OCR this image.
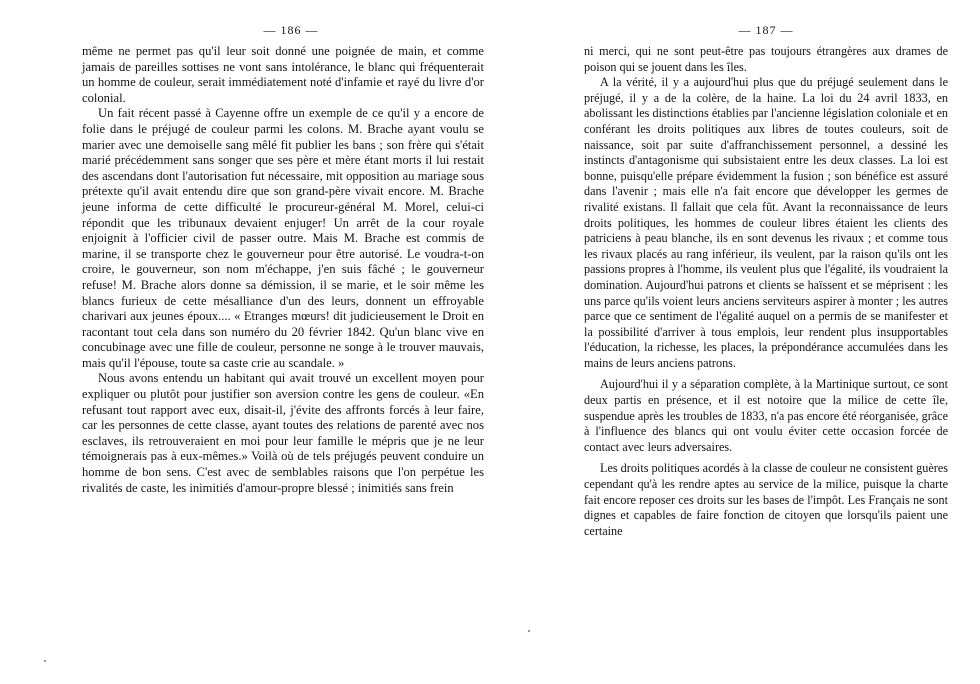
— 186 —

même ne permet pas qu'il leur soit donné une poignée de main, et comme jamais de pareilles sottises ne vont sans intolérance, le blanc qui fréquenterait un homme de couleur, serait immédiatement noté d'infamie et rayé du livre d'or colonial.

Un fait récent passé à Cayenne offre un exemple de ce qu'il y a encore de folie dans le préjugé de couleur parmi les colons. M. Brache ayant voulu se marier avec une demoiselle sang mêlé fit publier les bans ; son frère qui s'était marié précédemment sans songer que ses père et mère étant morts il lui restait des ascendans dont l'autorisation fut nécessaire, mit opposition au mariage sous prétexte qu'il avait entendu dire que son grand-père vivait encore. M. Brache jeune informa de cette difficulté le procureur-général M. Morel, celui-ci répondit que les tribunaux devaient enjuger! Un arrêt de la cour royale enjoignit à l'officier civil de passer outre. Mais M. Brache est commis de marine, il se transporte chez le gouverneur pour être autorisé. Le voudra-t-on croire, le gouverneur, son nom m'échappe, j'en suis fâché ; le gouverneur refuse! M. Brache alors donne sa démission, il se marie, et le soir même les blancs furieux de cette mésalliance d'un des leurs, donnent un effroyable charivari aux jeunes époux.... « Etranges mœurs! dit judicieusement le Droit en racontant tout cela dans son numéro du 20 février 1842. Qu'un blanc vive en concubinage avec une fille de couleur, personne ne songe à le trouver mauvais, mais qu'il l'épouse, toute sa caste crie au scandale. »

Nous avons entendu un habitant qui avait trouvé un excellent moyen pour expliquer ou plutôt pour justifier son aversion contre les gens de couleur. «En refusant tout rapport avec eux, disait-il, j'évite des affronts forcés à leur faire, car les personnes de cette classe, ayant toutes des relations de parenté avec nos esclaves, ils retrouveraient en moi pour leur famille le mépris que je ne leur témoignerais pas à eux-mêmes.» Voilà où de tels préjugés peuvent conduire un homme de bon sens. C'est avec de semblables raisons que l'on perpétue les rivalités de caste, les inimitiés d'amour-propre blessé ; inimitiés sans frein

— 187 —

ni merci, qui ne sont peut-être pas toujours étrangères aux drames de poison qui se jouent dans les îles.

A la vérité, il y a aujourd'hui plus que du préjugé seulement dans le préjugé, il y a de la colère, de la haine. La loi du 24 avril 1833, en abolissant les distinctions établies par l'ancienne législation coloniale et en conférant les droits politiques aux libres de toutes couleurs, soit de naissance, soit par suite d'affranchissement personnel, a dessiné les instincts d'antagonisme qui subsistaient entre les deux classes. La loi est bonne, puisqu'elle prépare évidemment la fusion ; son bénéfice est assuré dans l'avenir ; mais elle n'a fait encore que développer les germes de rivalité existans. Il fallait que cela fût. Avant la reconnaissance de leurs droits politiques, les hommes de couleur libres étaient les clients des patriciens à peau blanche, ils en sont devenus les rivaux ; et comme tous les rivaux placés au rang inférieur, ils veulent, par la raison qu'ils ont les passions propres à l'homme, ils veulent plus que l'égalité, ils voudraient la domination. Aujourd'hui patrons et clients se haïssent et se méprisent : les uns parce qu'ils voient leurs anciens serviteurs aspirer à monter ; les autres parce que ce sentiment de l'égalité auquel on a permis de se manifester et la possibilité d'arriver à tous emplois, leur rendent plus insupportables l'éducation, la richesse, les places, la prépondérance accumulées dans les mains de leurs anciens patrons.

Aujourd'hui il y a séparation complète, à la Martinique surtout, ce sont deux partis en présence, et il est notoire que la milice de cette île, suspendue après les troubles de 1833, n'a pas encore été réorganisée, grâce à l'influence des blancs qui ont voulu éviter cette occasion forcée de contact avec leurs adversaires.

Les droits politiques acordés à la classe de couleur ne consistent guères cependant qu'à les rendre aptes au service de la milice, puisque la charte fait encore reposer ces droits sur les bases de l'impôt. Les Français ne sont dignes et capables de faire fonction de citoyen que lorsqu'ils paient une certaine
